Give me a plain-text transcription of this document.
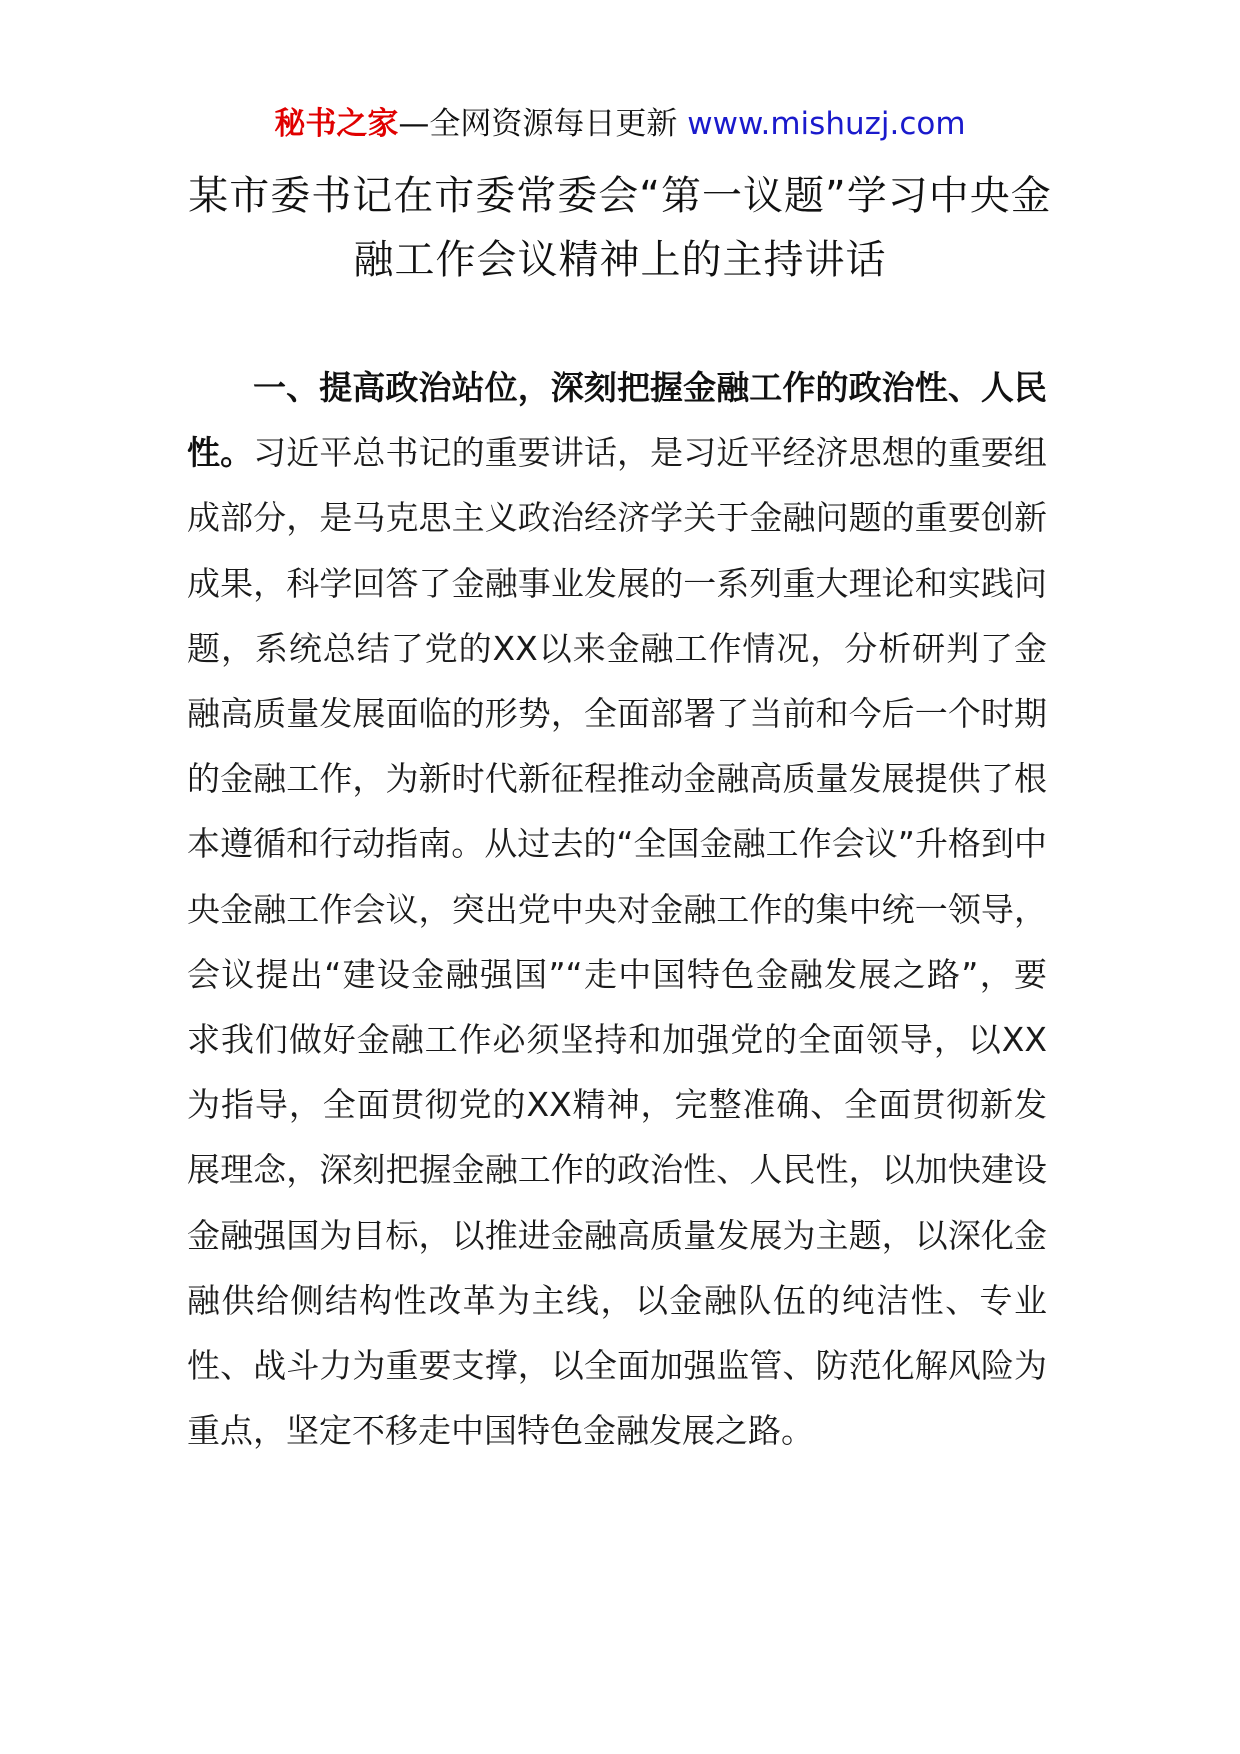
秘书之家—全网资源每日更新 www.mishuzj.com
某市委书记在市委常委会“第一议题”学习中央金融工作会议精神上的主持讲话

一、提高政治站位，深刻把握金融工作的政治性、人民性。习近平总书记的重要讲话，是习近平经济思想的重要组成部分，是马克思主义政治经济学关于金融问题的重要创新成果，科学回答了金融事业发展的一系列重大理论和实践问题，系统总结了党的XX以来金融工作情况，分析研判了金融高质量发展面临的形势，全面部署了当前和今后一个时期的金融工作，为新时代新征程推动金融高质量发展提供了根本遵循和行动指南。从过去的“全国金融工作会议”升格到中央金融工作会议，突出党中央对金融工作的集中统一领导，会议提出“建设金融强国”“走中国特色金融发展之路”，要求我们做好金融工作必须坚持和加强党的全面领导，以XX为指导，全面贯彻党的XX精神，完整准确、全面贯彻新发展理念，深刻把握金融工作的政治性、人民性，以加快建设金融强国为目标，以推进金融高质量发展为主题，以深化金融供给侧结构性改革为主线，以金融队伍的纯洁性、专业性、战斗力为重要支撑，以全面加强监管、防范化解风险为重点，坚定不移走中国特色金融发展之路。
